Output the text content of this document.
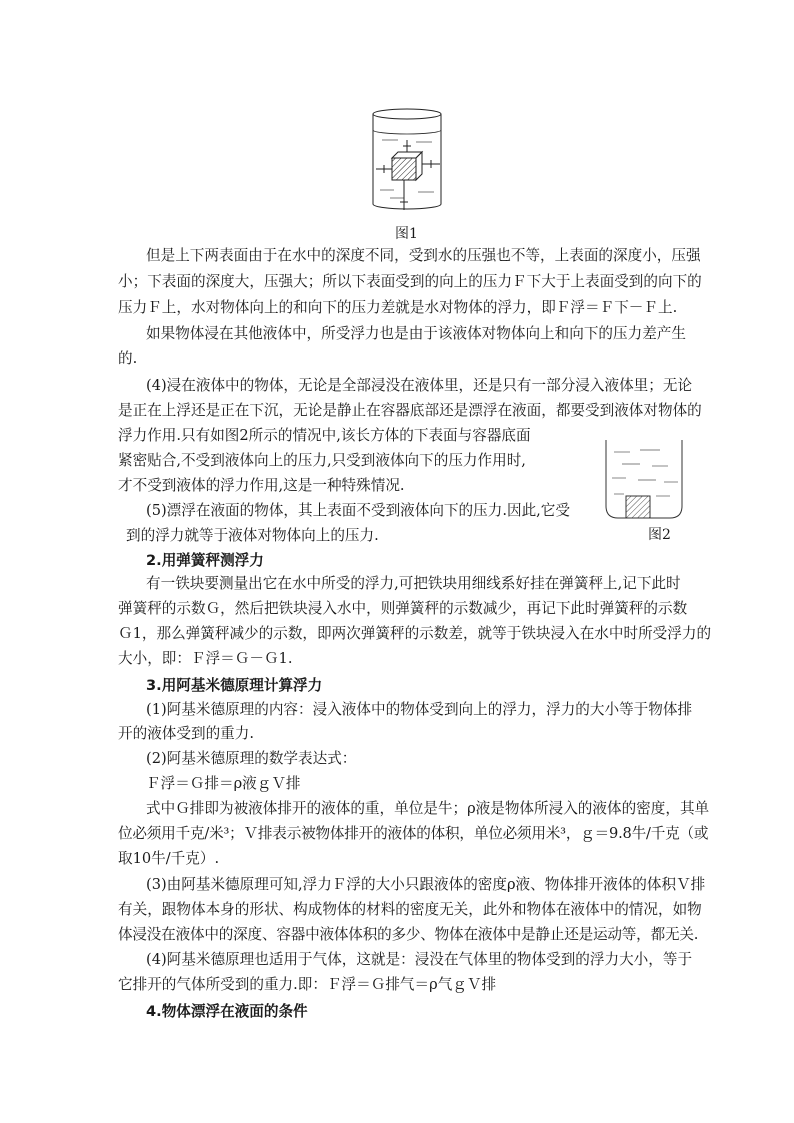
图1
图2
但是上下两表面由于在水中的深度不同，受到水的压强也不等，上表面的深度小，压强
小；下表面的深度大，压强大；所以下表面受到的向上的压力Ｆ下大于上表面受到的向下的
压力Ｆ上，水对物体向上的和向下的压力差就是水对物体的浮力，即Ｆ浮＝Ｆ下－Ｆ上.
如果物体浸在其他液体中，所受浮力也是由于该液体对物体向上和向下的压力差产生
的.
(4)浸在液体中的物体，无论是全部浸没在液体里，还是只有一部分浸入液体里；无论
是正在上浮还是正在下沉，无论是静止在容器底部还是漂浮在液面，都要受到液体对物体的
浮力作用.只有如图2所示的情况中,该长方体的下表面与容器底面
紧密贴合,不受到液体向上的压力,只受到液体向下的压力作用时,
才不受到液体的浮力作用,这是一种特殊情况.
(5)漂浮在液面的物体，其上表面不受到液体向下的压力.因此,它受
到的浮力就等于液体对物体向上的压力.
2.用弹簧秤测浮力
有一铁块要测量出它在水中所受的浮力,可把铁块用细线系好挂在弹簧秤上,记下此时
弹簧秤的示数Ｇ，然后把铁块浸入水中，则弹簧秤的示数减少，再记下此时弹簧秤的示数
Ｇ1，那么弹簧秤减少的示数，即两次弹簧秤的示数差，就等于铁块浸入在水中时所受浮力的
大小，即：Ｆ浮＝Ｇ－Ｇ1.
3.用阿基米德原理计算浮力
(1)阿基米德原理的内容：浸入液体中的物体受到向上的浮力，浮力的大小等于物体排
开的液体受到的重力.
(2)阿基米德原理的数学表达式：
Ｆ浮＝Ｇ排＝ρ液ｇＶ排
式中Ｇ排即为被液体排开的液体的重，单位是牛；ρ液是物体所浸入的液体的密度，其单
位必须用千克/米³；Ｖ排表示被物体排开的液体的体积，单位必须用米³，ｇ＝9.8牛/千克（或
取10牛/千克）.
(3)由阿基米德原理可知,浮力Ｆ浮的大小只跟液体的密度ρ液、物体排开液体的体积Ｖ排
有关，跟物体本身的形状、构成物体的材料的密度无关，此外和物体在液体中的情况，如物
体浸没在液体中的深度、容器中液体体积的多少、物体在液体中是静止还是运动等，都无关.
(4)阿基米德原理也适用于气体，这就是：浸没在气体里的物体受到的浮力大小，等于
它排开的气体所受到的重力.即：Ｆ浮＝Ｇ排气＝ρ气ｇＶ排
4.物体漂浮在液面的条件
